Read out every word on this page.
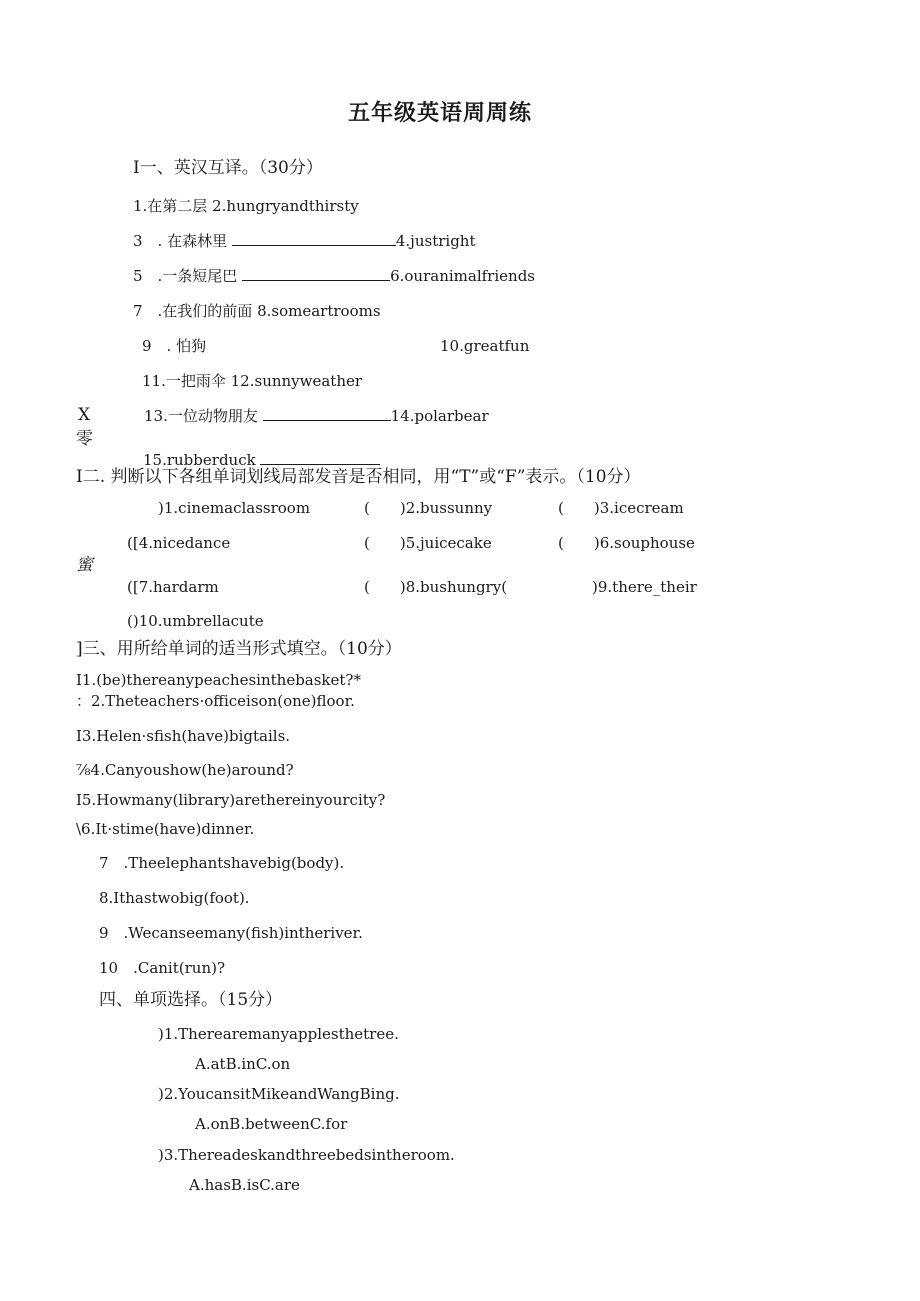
五年级英语周周练
I一、英汉互译。（30分）
1.在第二层 2.hungryandthirsty
3　. 在森林里	4.justright
5　.一条短尾巴	6.ouranimalfriends
7　.在我们的前面 8.someartrooms
9　. 怕狗	10.greatfun
11.一把雨伞 12.sunnyweather
13.一位动物朋友	14.polarbear
15.rubberduck
X
零
蜜
I二. 判断以下各组单词划线局部发音是否相同，用“T”或“F”表示。（10分）
)1.cinemaclassroom	(　　)2.bussunny	(　　)3.icecream
([4.nicedance	(　　)5.juicecake	(　　)6.souphouse
([7.hardarm	(　　)8.bushungry(	)9.there_their
()10.umbrellacute
]三、用所给单词的适当形式填空。（10分）
I1.(be)thereanypeachesinthebasket?*
：2.Theteachers·officeison(one)floor.
I3.Helen·sfish(have)bigtails.
⅞4.Canyoushow(he)around?
I5.Howmany(library)arethereinyourcity?
\6.It·stime(have)dinner.
7　.Theelephantshavebig(body).
8.Ithastwobig(foot).
9　.Wecanseemany(fish)intheriver.
10　.Canit(run)?
四、单项选择。（15分）
)1.Therearemanyapplesthetree.
A.atB.inC.on
)2.YoucansitMikeandWangBing.
A.onB.betweenC.for
)3.Thereadeskandthreebedsintheroom.
A.hasB.isC.are
